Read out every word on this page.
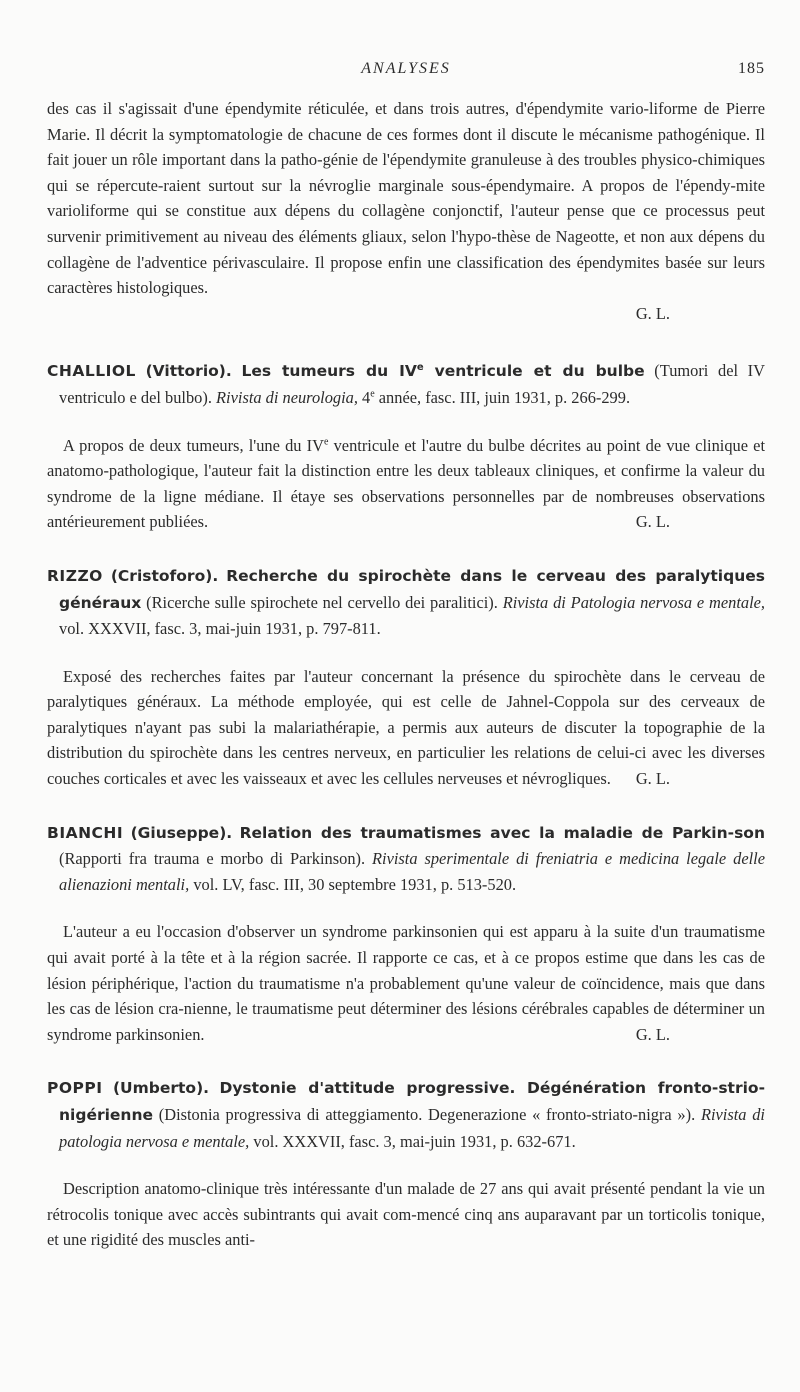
ANALYSES	185

des cas il s'agissait d'une épendymite réticulée, et dans trois autres, d'épendymite vario-liforme de Pierre Marie. Il décrit la symptomatologie de chacune de ces formes dont il discute le mécanisme pathogénique. Il fait jouer un rôle important dans la patho-génie de l'épendymite granuleuse à des troubles physico-chimiques qui se répercute-raient surtout sur la névroglie marginale sous-épendymaire. A propos de l'épendy-mite varioliforme qui se constitue aux dépens du collagène conjonctif, l'auteur pense que ce processus peut survenir primitivement au niveau des éléments gliaux, selon l'hypo-thèse de Nageotte, et non aux dépens du collagène de l'adventice périvasculaire. Il propose enfin une classification des épendymites basée sur leurs caractères histologiques.

G. L.

CHALLIOL (Vittorio). Les tumeurs du IVe ventricule et du bulbe (Tumori del IV ventriculo e del bulbo). Rivista di neurologia, 4e année, fasc. III, juin 1931, p. 266-299.

A propos de deux tumeurs, l'une du IVe ventricule et l'autre du bulbe décrites au point de vue clinique et anatomo-pathologique, l'auteur fait la distinction entre les deux tableaux cliniques, et confirme la valeur du syndrome de la ligne médiane. Il étaye ses observations personnelles par de nombreuses observations antérieurement publiées.	G. L.

RIZZO (Cristoforo). Recherche du spirochète dans le cerveau des paralytiques généraux (Ricerche sulle spirochete nel cervello dei paralitici). Rivista di Patologia nervosa e mentale, vol. XXXVII, fasc. 3, mai-juin 1931, p. 797-811.

Exposé des recherches faites par l'auteur concernant la présence du spirochète dans le cerveau de paralytiques généraux. La méthode employée, qui est celle de Jahnel-Coppola sur des cerveaux de paralytiques n'ayant pas subi la malariathérapie, a permis aux auteurs de discuter la topographie de la distribution du spirochète dans les centres nerveux, en particulier les relations de celui-ci avec les diverses couches corticales et avec les vaisseaux et avec les cellules nerveuses et névrogliques.	G. L.

BIANCHI (Giuseppe). Relation des traumatismes avec la maladie de Parkin-son (Rapporti fra trauma e morbo di Parkinson). Rivista sperimentale di freniatria e medicina legale delle alienazioni mentali, vol. LV, fasc. III, 30 septembre 1931, p. 513-520.

L'auteur a eu l'occasion d'observer un syndrome parkinsonien qui est apparu à la suite d'un traumatisme qui avait porté à la tête et à la région sacrée. Il rapporte ce cas, et à ce propos estime que dans les cas de lésion périphérique, l'action du traumatisme n'a probablement qu'une valeur de coïncidence, mais que dans les cas de lésion cra-nienne, le traumatisme peut déterminer des lésions cérébrales capables de déterminer un syndrome parkinsonien.	G. L.

POPPI (Umberto). Dystonie d'attitude progressive. Dégénération fronto-strio-nigérienne (Distonia progressiva di atteggiamento. Degenerazione « fronto-striato-nigra »). Rivista di patologia nervosa e mentale, vol. XXXVII, fasc. 3, mai-juin 1931, p. 632-671.

Description anatomo-clinique très intéressante d'un malade de 27 ans qui avait présenté pendant la vie un rétrocolis tonique avec accès subintrants qui avait com-mencé cinq ans auparavant par un torticolis tonique, et une rigidité des muscles anti-
